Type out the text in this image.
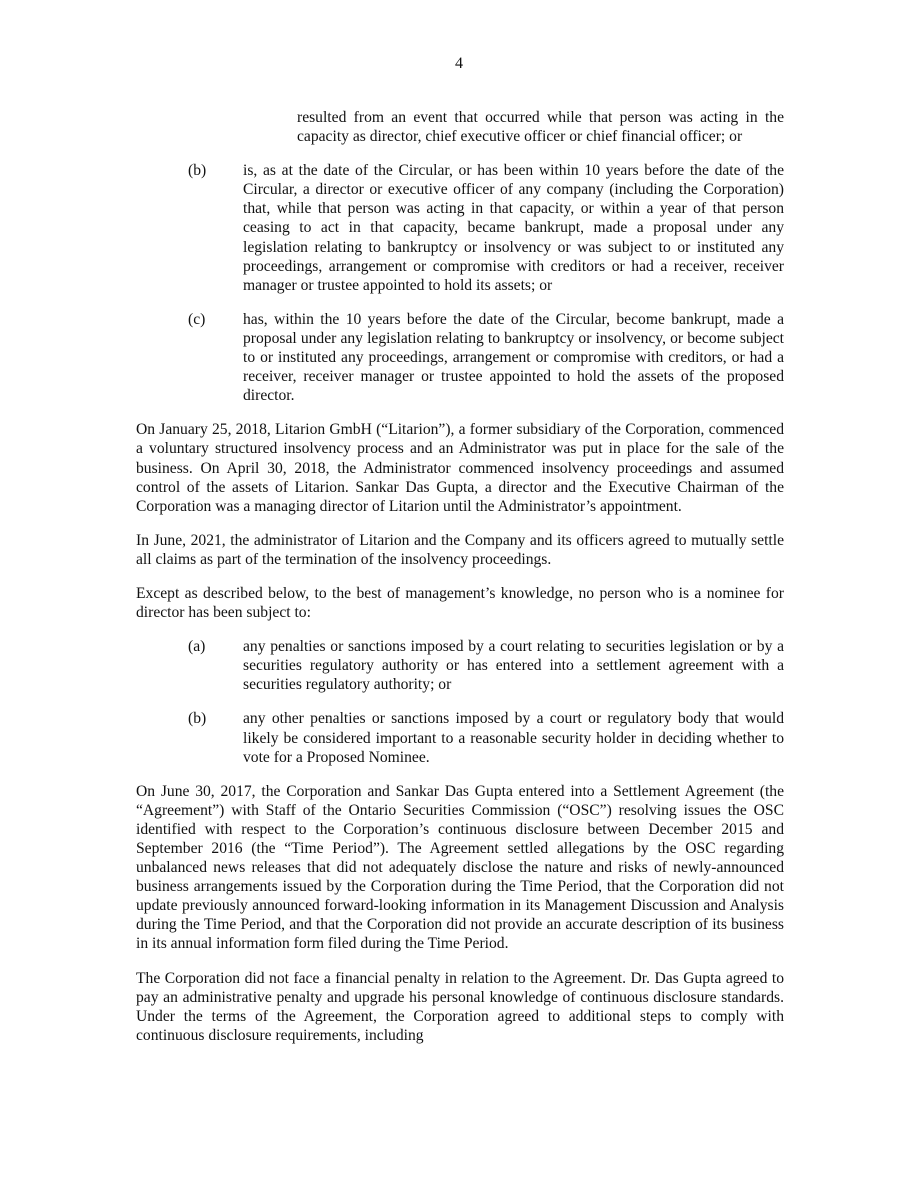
4

resulted from an event that occurred while that person was acting in the capacity as director, chief executive officer or chief financial officer; or

(b) is, as at the date of the Circular, or has been within 10 years before the date of the Circular, a director or executive officer of any company (including the Corporation) that, while that person was acting in that capacity, or within a year of that person ceasing to act in that capacity, became bankrupt, made a proposal under any legislation relating to bankruptcy or insolvency or was subject to or instituted any proceedings, arrangement or compromise with creditors or had a receiver, receiver manager or trustee appointed to hold its assets; or

(c) has, within the 10 years before the date of the Circular, become bankrupt, made a proposal under any legislation relating to bankruptcy or insolvency, or become subject to or instituted any proceedings, arrangement or compromise with creditors, or had a receiver, receiver manager or trustee appointed to hold the assets of the proposed director.

On January 25, 2018, Litarion GmbH (“Litarion”), a former subsidiary of the Corporation, commenced a voluntary structured insolvency process and an Administrator was put in place for the sale of the business. On April 30, 2018, the Administrator commenced insolvency proceedings and assumed control of the assets of Litarion. Sankar Das Gupta, a director and the Executive Chairman of the Corporation was a managing director of Litarion until the Administrator’s appointment.

In June, 2021, the administrator of Litarion and the Company and its officers agreed to mutually settle all claims as part of the termination of the insolvency proceedings.

Except as described below, to the best of management’s knowledge, no person who is a nominee for director has been subject to:

(a) any penalties or sanctions imposed by a court relating to securities legislation or by a securities regulatory authority or has entered into a settlement agreement with a securities regulatory authority; or

(b) any other penalties or sanctions imposed by a court or regulatory body that would likely be considered important to a reasonable security holder in deciding whether to vote for a Proposed Nominee.

On June 30, 2017, the Corporation and Sankar Das Gupta entered into a Settlement Agreement (the “Agreement”) with Staff of the Ontario Securities Commission (“OSC”) resolving issues the OSC identified with respect to the Corporation’s continuous disclosure between December 2015 and September 2016 (the “Time Period”). The Agreement settled allegations by the OSC regarding unbalanced news releases that did not adequately disclose the nature and risks of newly-announced business arrangements issued by the Corporation during the Time Period, that the Corporation did not update previously announced forward-looking information in its Management Discussion and Analysis during the Time Period, and that the Corporation did not provide an accurate description of its business in its annual information form filed during the Time Period.

The Corporation did not face a financial penalty in relation to the Agreement. Dr. Das Gupta agreed to pay an administrative penalty and upgrade his personal knowledge of continuous disclosure standards. Under the terms of the Agreement, the Corporation agreed to additional steps to comply with continuous disclosure requirements, including
